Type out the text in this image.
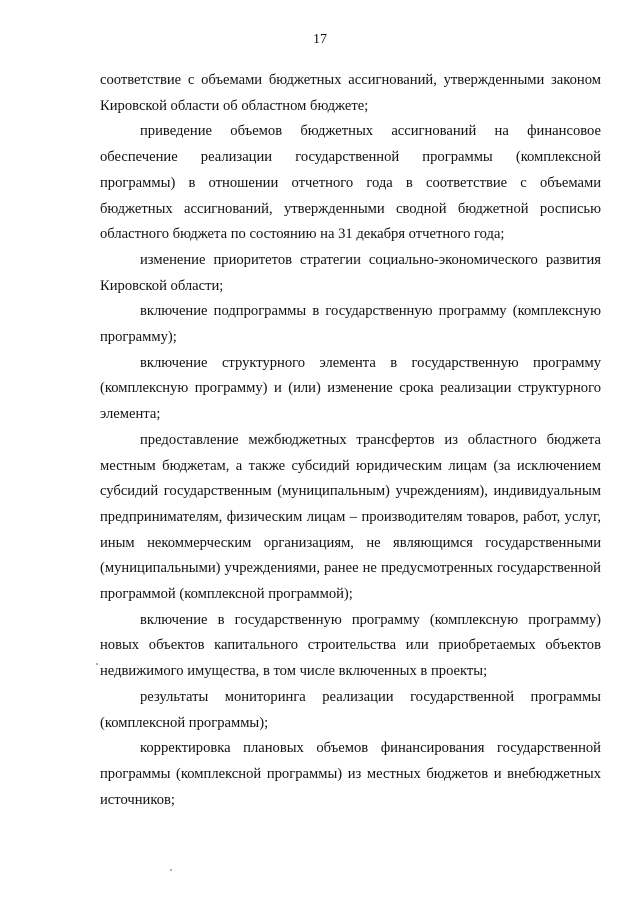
17

соответствие с объемами бюджетных ассигнований, утвержденными законом Кировской области об областном бюджете;

приведение объемов бюджетных ассигнований на финансовое обеспечение реализации государственной программы (комплексной программы) в отношении отчетного года в соответствие с объемами бюджетных ассигнований, утвержденными сводной бюджетной росписью областного бюджета по состоянию на 31 декабря отчетного года;

изменение приоритетов стратегии социально-экономического развития Кировской области;

включение подпрограммы в государственную программу (комплексную программу);

включение структурного элемента в государственную программу (комплексную программу) и (или) изменение срока реализации структурного элемента;

предоставление межбюджетных трансфертов из областного бюджета местным бюджетам, а также субсидий юридическим лицам (за исключением субсидий государственным (муниципальным) учреждениям), индивидуальным предпринимателям, физическим лицам – производителям товаров, работ, услуг, иным некоммерческим организациям, не являющимся государственными (муниципальными) учреждениями, ранее не предусмотренных государственной программой (комплексной программой);

включение в государственную программу (комплексную программу) новых объектов капитального строительства или приобретаемых объектов недвижимого имущества, в том числе включенных в проекты;

результаты мониторинга реализации государственной программы (комплексной программы);

корректировка плановых объемов финансирования государственной программы (комплексной программы) из местных бюджетов и внебюджетных источников;
